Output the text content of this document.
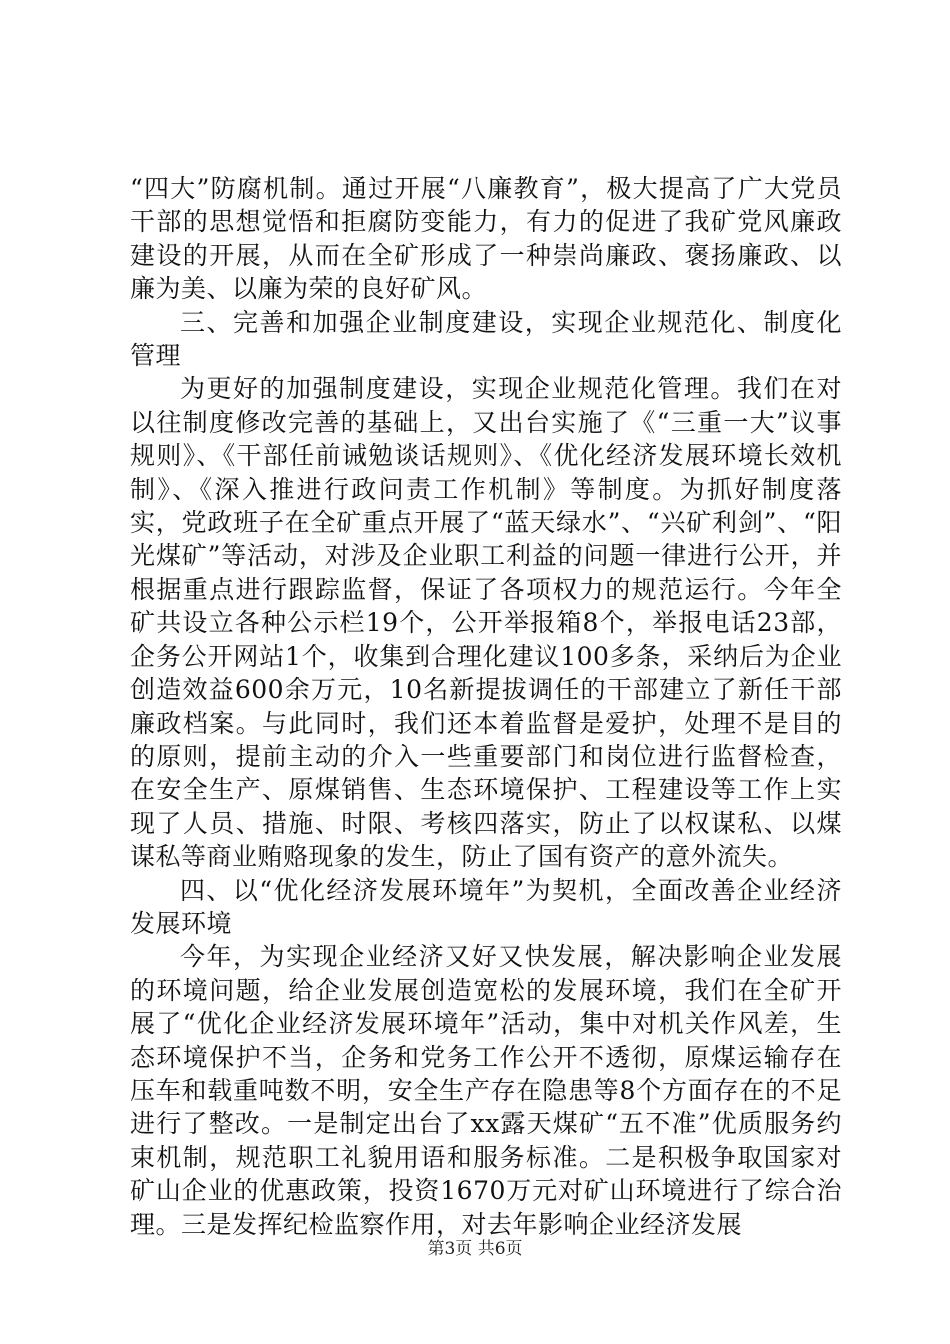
“四大”防腐机制。通过开展“八廉教育”，极大提高了广大党员干部的思想觉悟和拒腐防变能力，有力的促进了我矿党风廉政建设的开展，从而在全矿形成了一种崇尚廉政、褒扬廉政、以廉为美、以廉为荣的良好矿风。

三、完善和加强企业制度建设，实现企业规范化、制度化管理

为更好的加强制度建设，实现企业规范化管理。我们在对以往制度修改完善的基础上，又出台实施了《“三重一大”议事规则》、《干部任前诫勉谈话规则》、《优化经济发展环境长效机制》、《深入推进行政问责工作机制》等制度。为抓好制度落实，党政班子在全矿重点开展了“蓝天绿水”、“兴矿利剑”、“阳光煤矿”等活动，对涉及企业职工利益的问题一律进行公开，并根据重点进行跟踪监督，保证了各项权力的规范运行。今年全矿共设立各种公示栏19个，公开举报箱8个，举报电话23部，企务公开网站1个，收集到合理化建议100多条，采纳后为企业创造效益600余万元，10名新提拔调任的干部建立了新任干部廉政档案。与此同时，我们还本着监督是爱护，处理不是目的的原则，提前主动的介入一些重要部门和岗位进行监督检查，在安全生产、原煤销售、生态环境保护、工程建设等工作上实现了人员、措施、时限、考核四落实，防止了以权谋私、以煤谋私等商业贿赂现象的发生，防止了国有资产的意外流失。

四、以“优化经济发展环境年”为契机，全面改善企业经济发展环境

今年，为实现企业经济又好又快发展，解决影响企业发展的环境问题，给企业发展创造宽松的发展环境，我们在全矿开展了“优化企业经济发展环境年”活动，集中对机关作风差，生态环境保护不当，企务和党务工作公开不透彻，原煤运输存在压车和载重吨数不明，安全生产存在隐患等8个方面存在的不足进行了整改。一是制定出台了xx露天煤矿“五不准”优质服务约束机制，规范职工礼貌用语和服务标准。二是积极争取国家对矿山企业的优惠政策，投资1670万元对矿山环境进行了综合治理。三是发挥纪检监察作用，对去年影响企业经济发展

第3页 共6页
